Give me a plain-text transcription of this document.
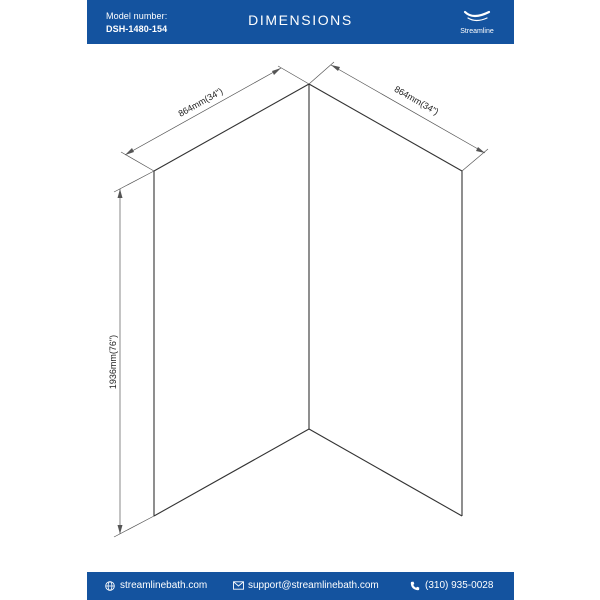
Model number:
DSH-1480-154
DIMENSIONS
Streamline
864mm(34")	864mm(34")
1936mm(76")
streamlinebath.com	support@streamlinebath.com	(310) 935-0028
